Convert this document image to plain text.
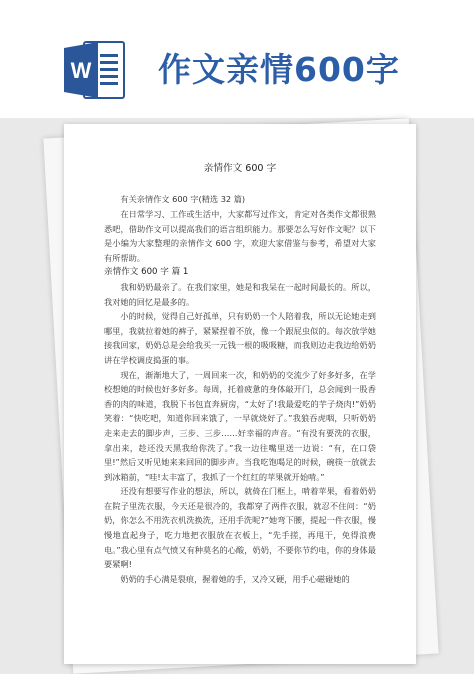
W 作文亲情600字

亲情作文 600 字

有关亲情作文 600 字(精选 32 篇)

在日常学习、工作或生活中，大家都写过作文，肯定对各类作文都很熟悉吧，借助作文可以提高我们的语言组织能力。那要怎么写好作文呢？以下是小编为大家整理的亲情作文 600 字，欢迎大家借鉴与参考，希望对大家有所帮助。

亲情作文 600 字 篇 1

我和奶奶最亲了。在我们家里，她是和我呆在一起时间最长的。所以，我对她的回忆是最多的。

小的时候，觉得自己好孤单，只有奶奶一个人陪着我，所以无论她走到哪里，我就拉着她的裤子，紧紧捏着不放，像一个跟屁虫似的。每次放学她接我回家，奶奶总是会给我买一元钱一根的吸吸糖，而我则边走我边给奶奶讲在学校调皮捣蛋的事。

现在，渐渐地大了，一周回来一次，和奶奶的交流少了好多好多，在学校想她的时候也好多好多。每周，托着疲惫的身体敲开门，总会闻到一股香香的肉的味道，我脱下书包直奔厨房，“太好了!我最爱吃的芋子烧肉!”奶奶笑着：“快吃吧，知道你回来饿了，一早就烧好了。”我狼吞虎咽，只听奶奶走来走去的脚步声，三步、三步……好幸福的声音。“有没有要洗的衣服，拿出来，趁还没天黑我给你洗了。”我一边往嘴里送一边说：“有，在口袋里!”然后又听见她来来回回的脚步声。当我吃饱喝足的时候，碗筷一放就去到冰箱前，“哇!太丰富了，我抓了一个红红的苹果就开始啃。”

还没有想要写作业的想法，所以，就倚在门框上，啃着苹果，看着奶奶在院子里洗衣服，今天还是很冷的，我都穿了两件衣服，就忍不住问：“奶奶，你怎么不用洗衣机洗换洗，还用手洗呢?”她弯下腰，提起一件衣服，慢慢地直起身子，吃力地把衣服放在衣板上，“先手搓，再甩干，免得浪费电。”我心里有点气愤又有种莫名的心酸，奶奶，不要你节约电，你的身体最要紧啊!

奶奶的手心满是裂痕，握着她的手，又冷又硬，用手心磁碰她的
